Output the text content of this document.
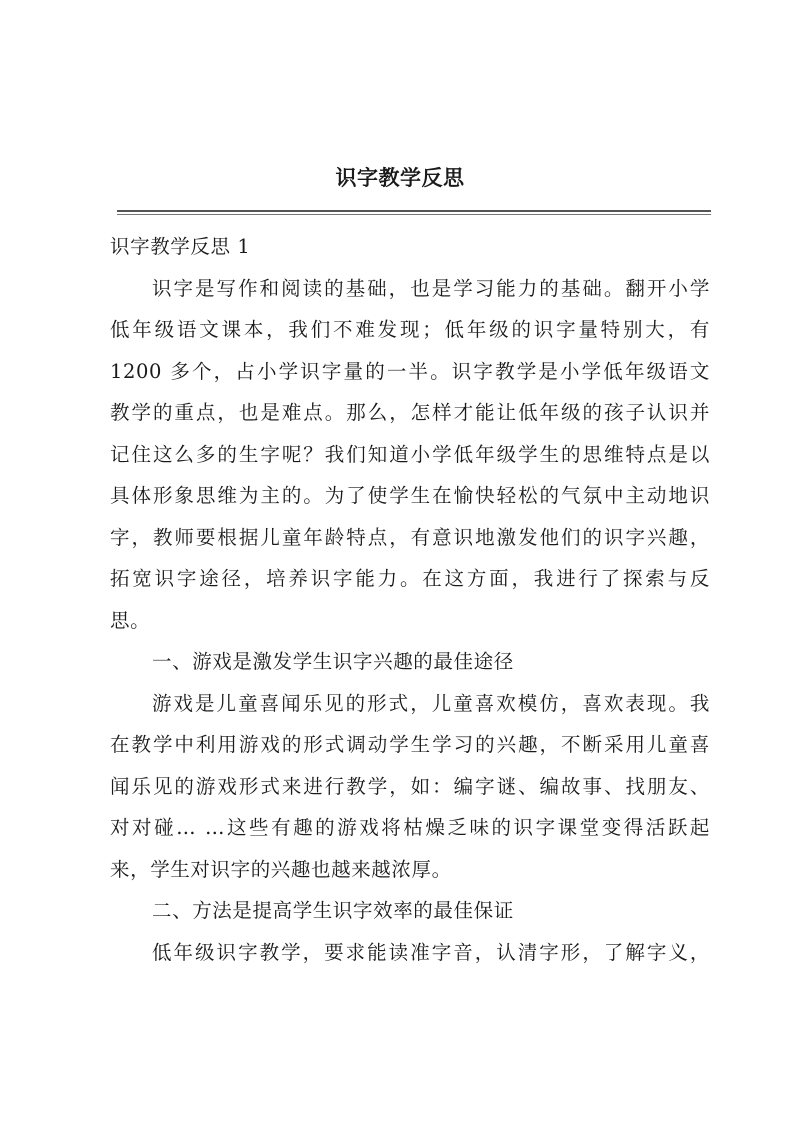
识字教学反思
识字教学反思 1
识字是写作和阅读的基础，也是学习能力的基础。翻开小学
低年级语文课本，我们不难发现；低年级的识字量特别大，有
1200 多个，占小学识字量的一半。识字教学是小学低年级语文
教学的重点，也是难点。那么，怎样才能让低年级的孩子认识并
记住这么多的生字呢？我们知道小学低年级学生的思维特点是以
具体形象思维为主的。为了使学生在愉快轻松的气氛中主动地识
字，教师要根据儿童年龄特点，有意识地激发他们的识字兴趣，
拓宽识字途径，培养识字能力。在这方面，我进行了探索与反
思。
一、游戏是激发学生识字兴趣的最佳途径
游戏是儿童喜闻乐见的形式，儿童喜欢模仿，喜欢表现。我
在教学中利用游戏的形式调动学生学习的兴趣，不断采用儿童喜
闻乐见的游戏形式来进行教学，如：编字谜、编故事、找朋友、
对对碰… …这些有趣的游戏将枯燥乏味的识字课堂变得活跃起
来，学生对识字的兴趣也越来越浓厚。
二、方法是提高学生识字效率的最佳保证
低年级识字教学，要求能读准字音，认清字形，了解字义，
